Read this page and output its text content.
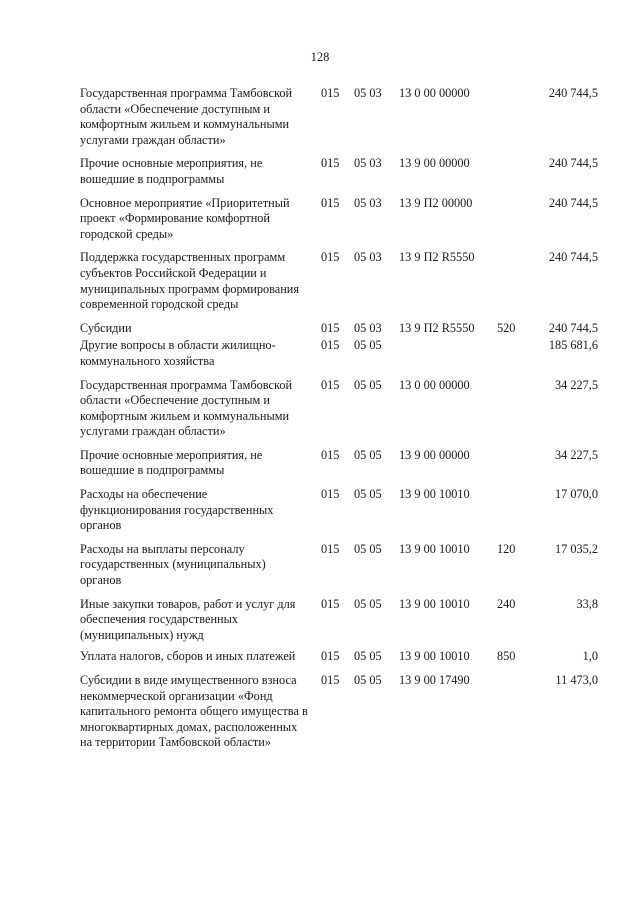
128
Государственная программа Тамбовской области «Обеспечение доступным и комфортным жильем и коммунальными услугами граждан области»
015 05 03 13 0 00 00000	240 744,5
Прочие основные мероприятия, не вошедшие в подпрограммы
015 05 03 13 9 00 00000	240 744,5
Основное мероприятие «Приоритетный проект «Формирование комфортной городской среды»
015 05 03 13 9 П2 00000	240 744,5
Поддержка государственных программ субъектов Российской Федерации и муниципальных программ формирования современной городской среды
015 05 03 13 9 П2 R5550	240 744,5
Субсидии	015 05 03 13 9 П2 R5550 520	240 744,5
Другие вопросы в области жилищно-коммунального хозяйства
015 05 05	185 681,6
Государственная программа Тамбовской области «Обеспечение доступным и комфортным жильем и коммунальными услугами граждан области»
015 05 05 13 0 00 00000	34 227,5
Прочие основные мероприятия, не вошедшие в подпрограммы
015 05 05 13 9 00 00000	34 227,5
Расходы на обеспечение функционирования государственных органов
015 05 05 13 9 00 10010	17 070,0
Расходы на выплаты персоналу государственных (муниципальных) органов
015 05 05 13 9 00 10010 120	17 035,2
Иные закупки товаров, работ и услуг для обеспечения государственных (муниципальных) нужд
015 05 05 13 9 00 10010 240	33,8
Уплата налогов, сборов и иных платежей	015 05 05 13 9 00 10010 850	1,0
Субсидии в виде имущественного взноса некоммерческой организации «Фонд капитального ремонта общего имущества в многоквартирных домах, расположенных на территории Тамбовской области»
015 05 05 13 9 00 17490	11 473,0
